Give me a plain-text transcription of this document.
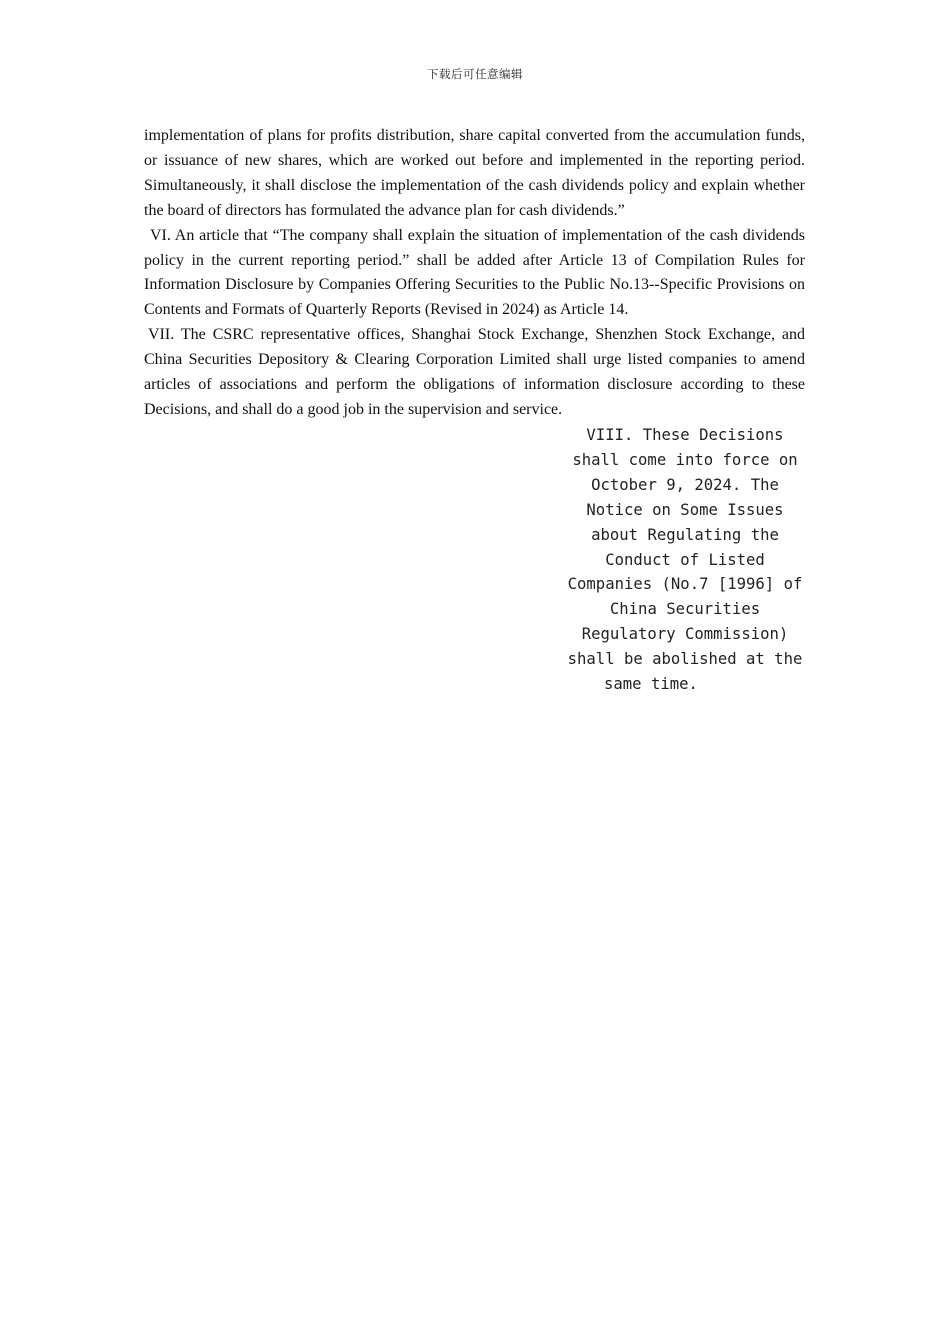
下载后可任意编辑

implementation of plans for profits distribution, share capital converted from the accumulation funds, or issuance of new shares, which are worked out before and implemented in the reporting period. Simultaneously, it shall disclose the implementation of the cash dividends policy and explain whether the board of directors has formulated the advance plan for cash dividends.”

VI. An article that “The company shall explain the situation of implementation of the cash dividends policy in the current reporting period.” shall be added after Article 13 of Compilation Rules for Information Disclosure by Companies Offering Securities to the Public No.13--Specific Provisions on Contents and Formats of Quarterly Reports (Revised in 2024) as Article 14.

VII. The CSRC representative offices, Shanghai Stock Exchange, Shenzhen Stock Exchange, and China Securities Depository & Clearing Corporation Limited shall urge listed companies to amend articles of associations and perform the obligations of information disclosure according to these Decisions, and shall do a good job in the supervision and service.

VIII. These Decisions
shall come into force on
October 9, 2024. The
Notice on Some Issues
about Regulating the
Conduct of Listed
Companies (No.7 [1996] of
China Securities
Regulatory Commission)
shall be abolished at the
same time.
